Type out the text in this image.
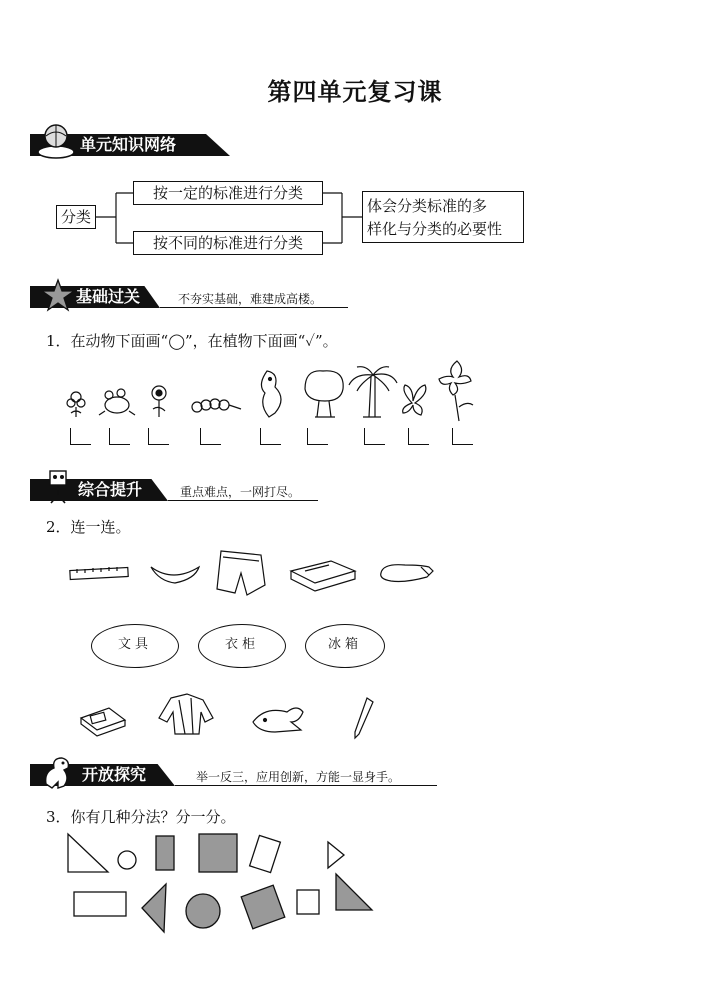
第四单元复习课
单元知识网络
分类
按一定的标准进行分类
按不同的标准进行分类
体会分类标准的多
样化与分类的必要性
基础过关	不夯实基础，难建成高楼。
1．在动物下面画“◯”，在植物下面画“✓”。
综合提升	重点难点，一网打尽。
2．连一连。
文具	衣柜	冰箱
开放探究	举一反三，应用创新，方能一显身手。
3．你有几种分法？分一分。
